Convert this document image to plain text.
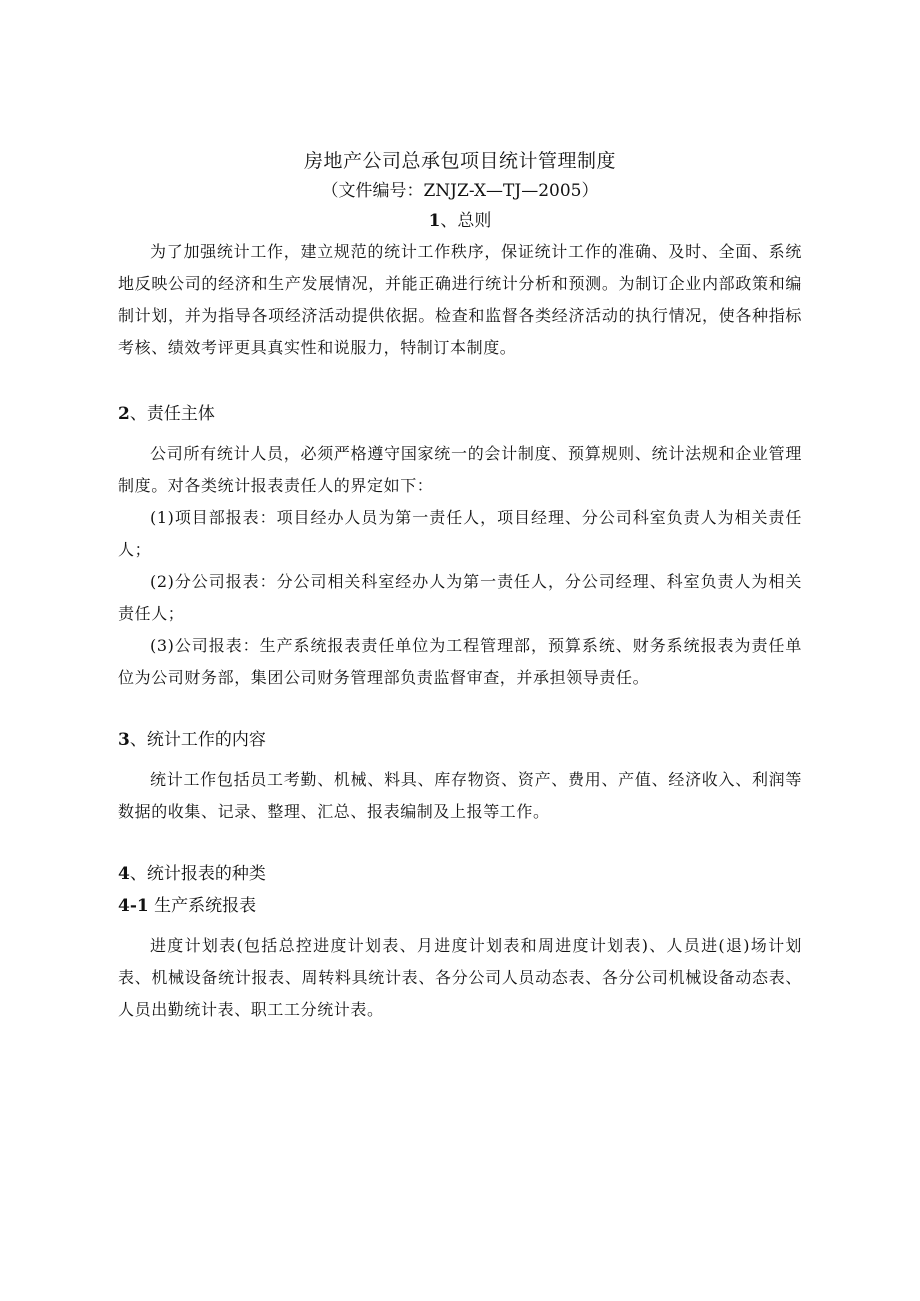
房地产公司总承包项目统计管理制度

（文件编号：ZNJZ-X—TJ—2005）

1、总则

为了加强统计工作，建立规范的统计工作秩序，保证统计工作的准确、及时、全面、系统地反映公司的经济和生产发展情况，并能正确进行统计分析和预测。为制订企业内部政策和编制计划，并为指导各项经济活动提供依据。检查和监督各类经济活动的执行情况，使各种指标考核、绩效考评更具真实性和说服力，特制订本制度。

2、责任主体

公司所有统计人员，必须严格遵守国家统一的会计制度、预算规则、统计法规和企业管理制度。对各类统计报表责任人的界定如下：

(1)项目部报表：项目经办人员为第一责任人，项目经理、分公司科室负责人为相关责任人；

(2)分公司报表：分公司相关科室经办人为第一责任人，分公司经理、科室负责人为相关责任人；

(3)公司报表：生产系统报表责任单位为工程管理部，预算系统、财务系统报表为责任单位为公司财务部，集团公司财务管理部负责监督审查，并承担领导责任。

3、统计工作的内容

统计工作包括员工考勤、机械、料具、库存物资、资产、费用、产值、经济收入、利润等数据的收集、记录、整理、汇总、报表编制及上报等工作。

4、统计报表的种类

4-1 生产系统报表

进度计划表(包括总控进度计划表、月进度计划表和周进度计划表)、人员进(退)场计划表、机械设备统计报表、周转料具统计表、各分公司人员动态表、各分公司机械设备动态表、人员出勤统计表、职工工分统计表。
